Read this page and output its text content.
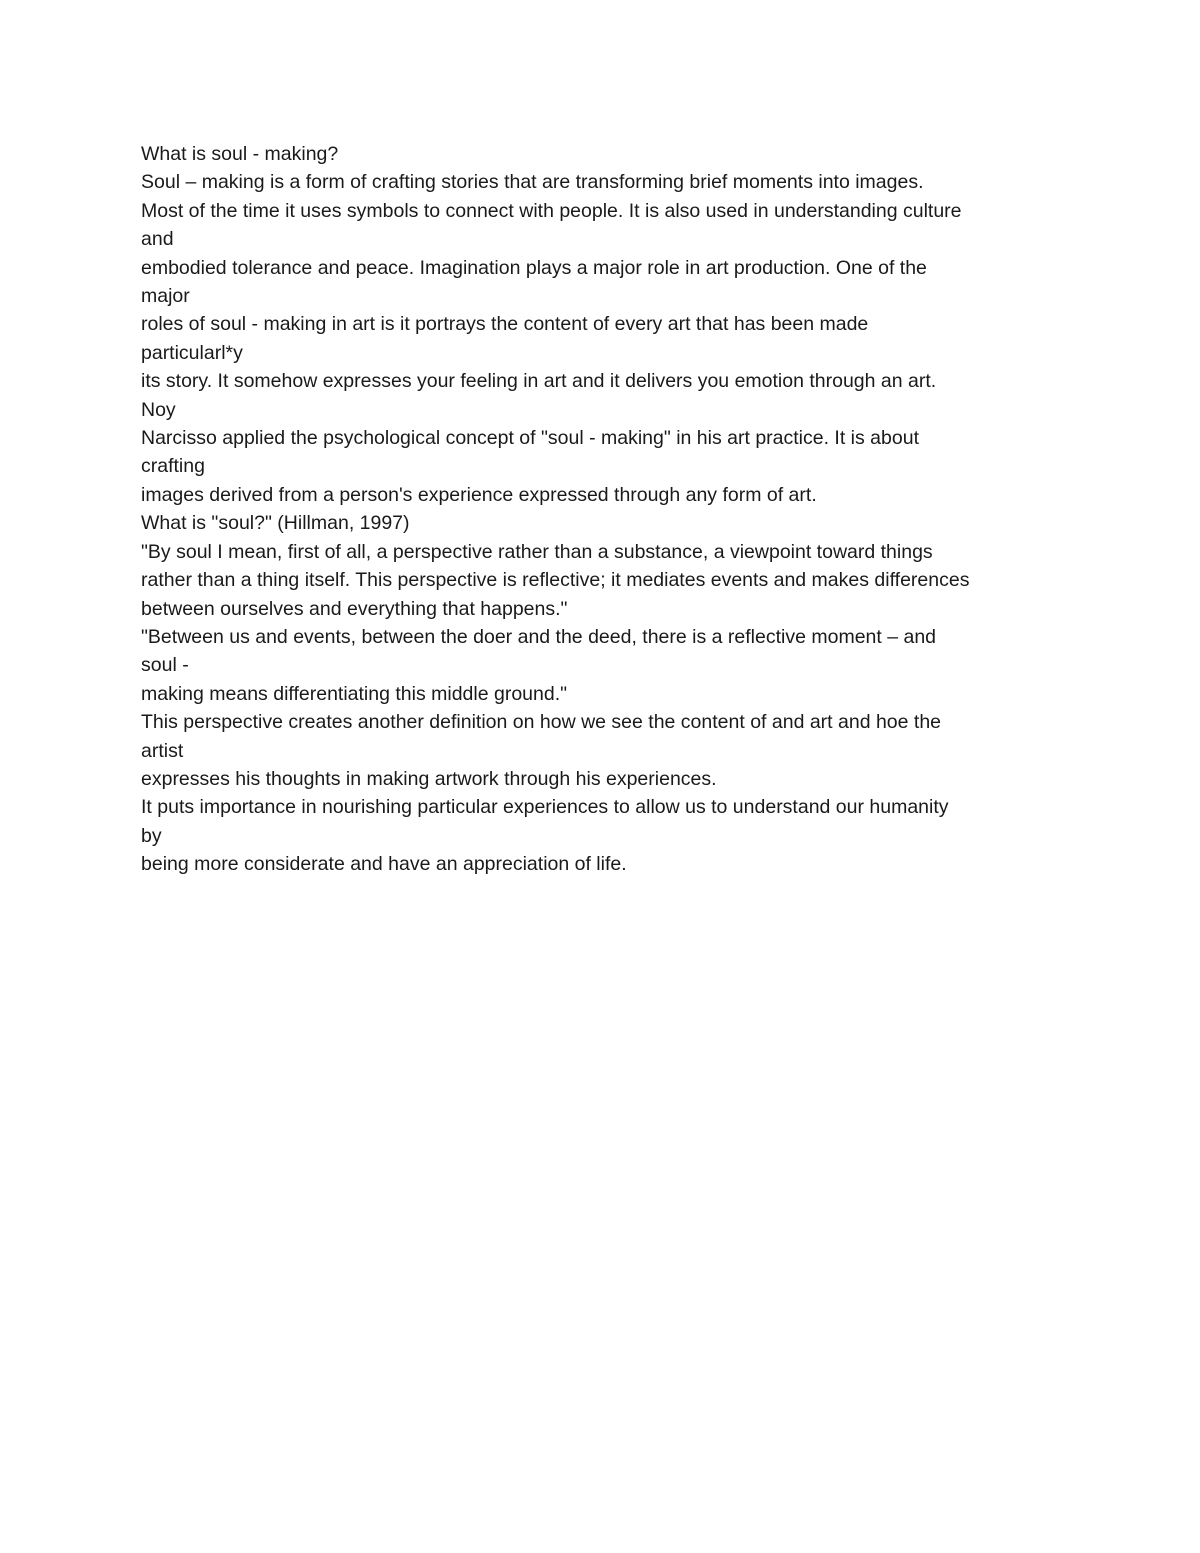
What is soul - making?
Soul – making is a form of crafting stories that are transforming brief moments into images.
Most of the time it uses symbols to connect with people. It is also used in understanding culture
and
embodied tolerance and peace. Imagination plays a major role in art production. One of the
major
roles of soul - making in art is it portrays the content of every art that has been made
particularl*y
its story. It somehow expresses your feeling in art and it delivers you emotion through an art.
Noy
Narcisso applied the psychological concept of "soul - making" in his art practice. It is about
crafting
images derived from a person's experience expressed through any form of art.
What is "soul?" (Hillman, 1997)
"By soul I mean, first of all, a perspective rather than a substance, a viewpoint toward things
rather than a thing itself. This perspective is reflective; it mediates events and makes differences
between ourselves and everything that happens."
"Between us and events, between the doer and the deed, there is a reflective moment – and
soul -
making means differentiating this middle ground."
This perspective creates another definition on how we see the content of and art and hoe the
artist
expresses his thoughts in making artwork through his experiences.
It puts importance in nourishing particular experiences to allow us to understand our humanity
by
being more considerate and have an appreciation of life.
